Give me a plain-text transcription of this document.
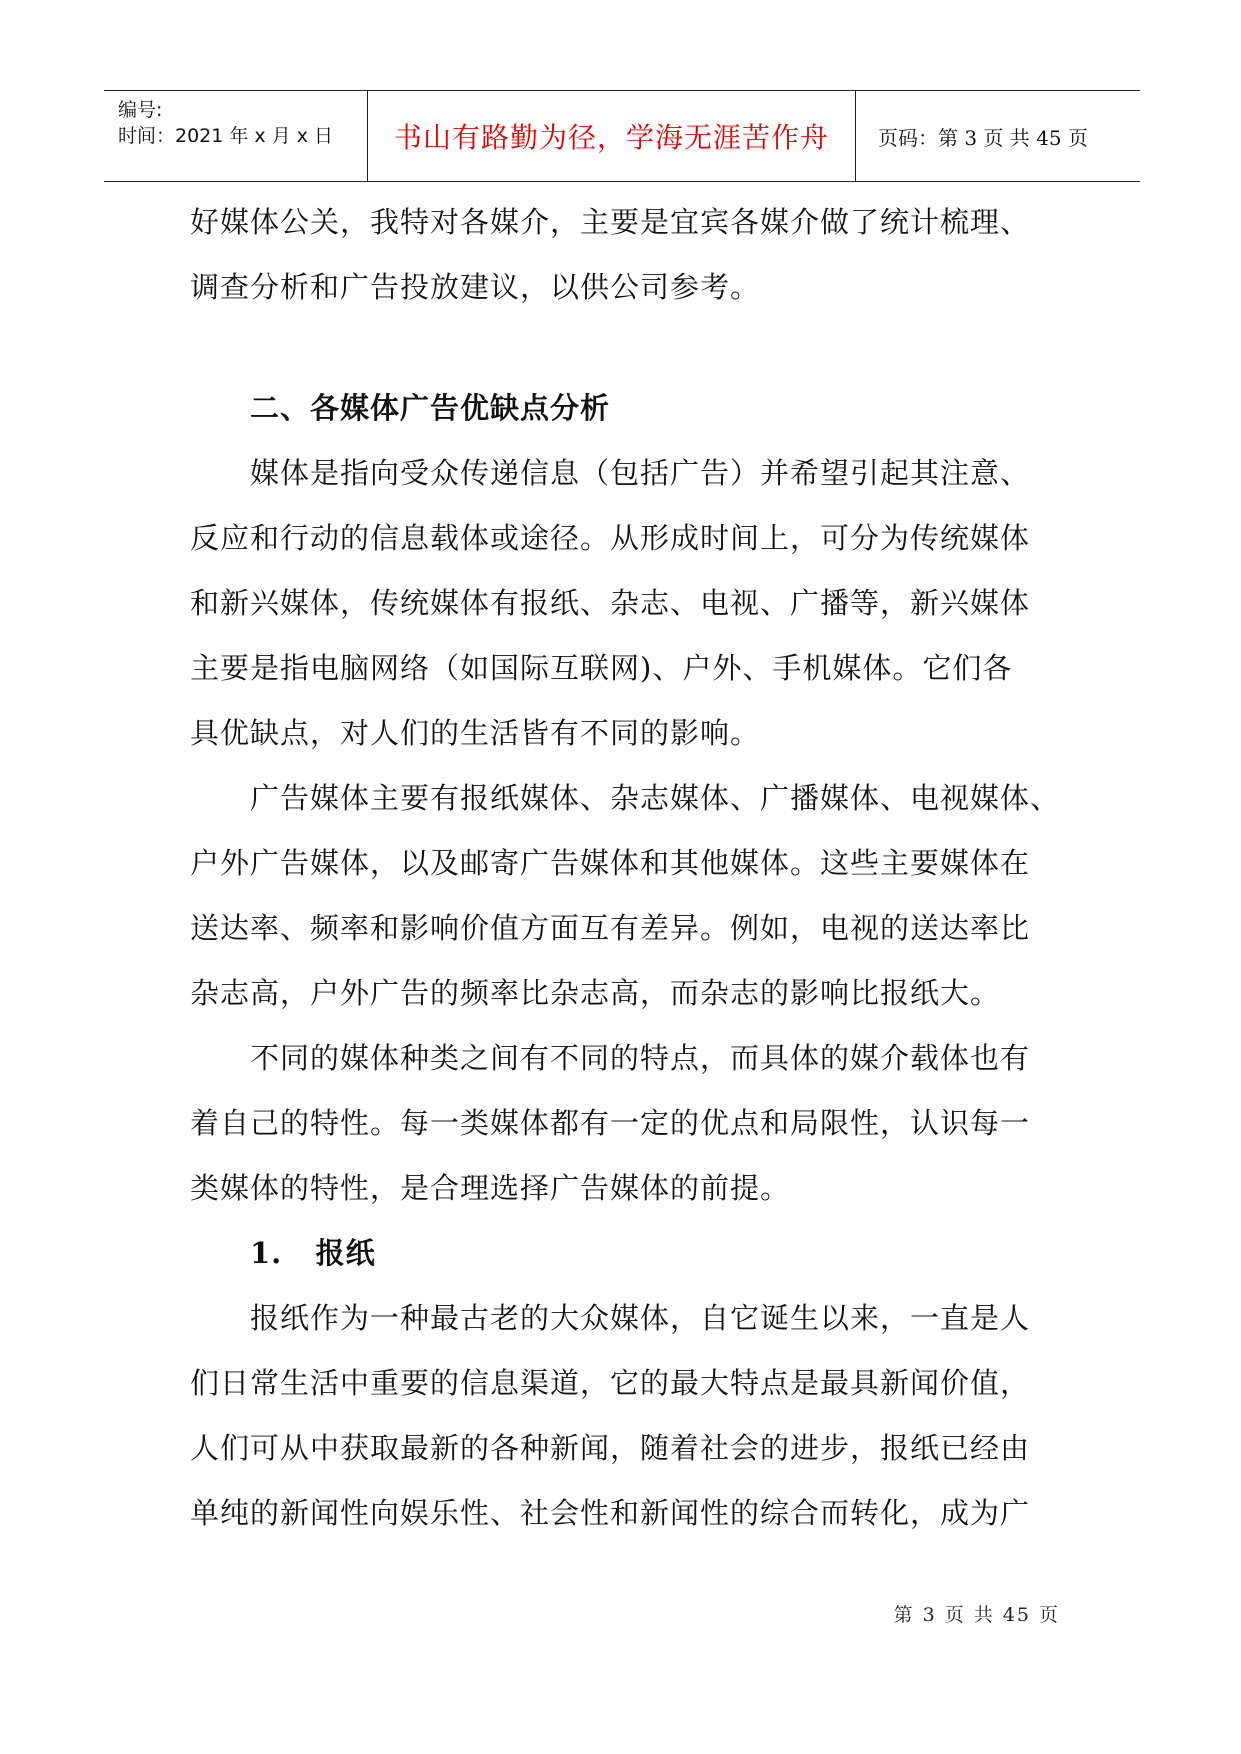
编号:
时间：2021 年 x 月 x 日 书山有路勤为径，学海无涯苦作舟 页码：第 3 页 共 45 页

好媒体公关，我特对各媒介，主要是宜宾各媒介做了统计梳理、
调查分析和广告投放建议，以供公司参考。

二、各媒体广告优缺点分析

媒体是指向受众传递信息（包括广告）并希望引起其注意、
反应和行动的信息载体或途径。从形成时间上，可分为传统媒体
和新兴媒体，传统媒体有报纸、杂志、电视、广播等，新兴媒体
主要是指电脑网络（如国际互联网)、户外、手机媒体。它们各
具优缺点，对人们的生活皆有不同的影响。

广告媒体主要有报纸媒体、杂志媒体、广播媒体、电视媒体、
户外广告媒体，以及邮寄广告媒体和其他媒体。这些主要媒体在
送达率、频率和影响价值方面互有差异。例如，电视的送达率比
杂志高，户外广告的频率比杂志高，而杂志的影响比报纸大。

不同的媒体种类之间有不同的特点，而具体的媒介载体也有
着自己的特性。每一类媒体都有一定的优点和局限性，认识每一
类媒体的特性，是合理选择广告媒体的前提。

1.   报纸

报纸作为一种最古老的大众媒体，自它诞生以来，一直是人
们日常生活中重要的信息渠道，它的最大特点是最具新闻价值，
人们可从中获取最新的各种新闻，随着社会的进步，报纸已经由
单纯的新闻性向娱乐性、社会性和新闻性的综合而转化，成为广

第 3 页 共 45 页
